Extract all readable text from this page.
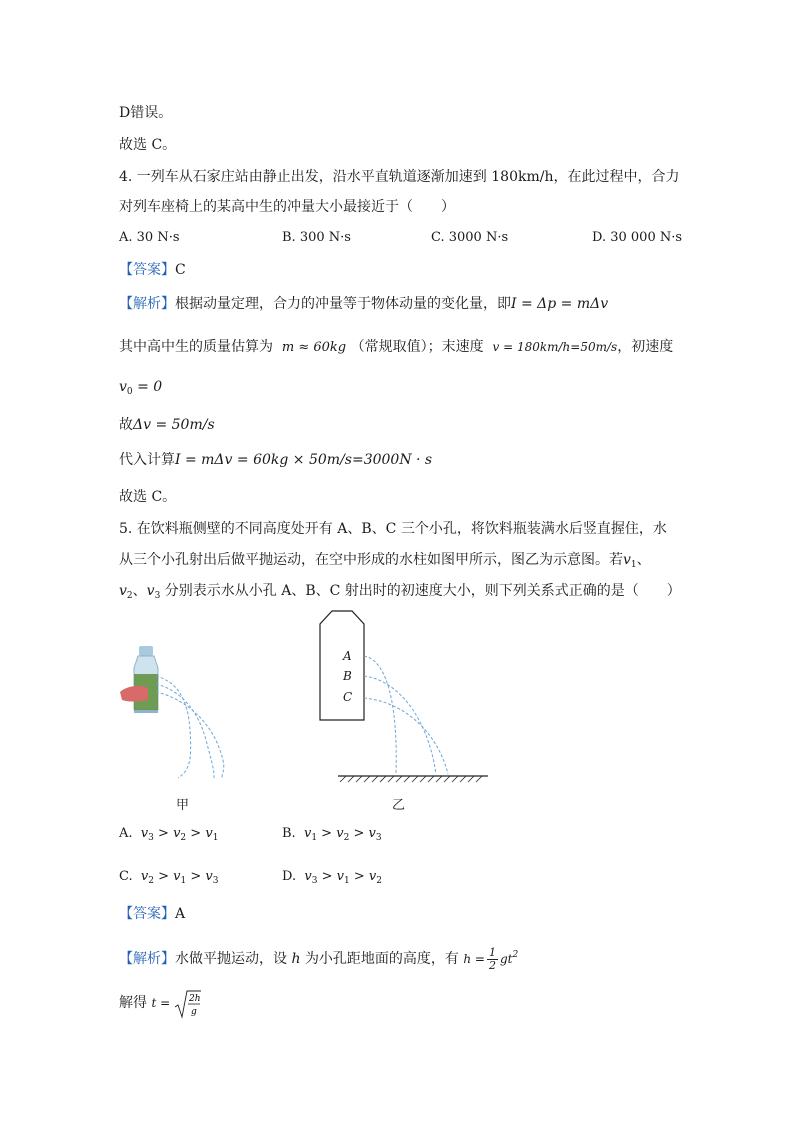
D错误。
故选 C。
4. 一列车从石家庄站由静止出发，沿水平直轨道逐渐加速到 180km/h，在此过程中，合力
对列车座椅上的某高中生的冲量大小最接近于（　　）
A. 30 N·s	B. 300 N·s	C. 3000 N·s	D. 30 000 N·s
【答案】C
【解析】根据动量定理，合力的冲量等于物体动量的变化量，即I = Δp = mΔv
其中高中生的质量估算为 m ≈ 60kg （常规取值）；末速度 v = 180km/h=50m/s，初速度
$v_0 = 0$
故Δv = 50m/s
代入计算I = mΔv = 60kg × 50m/s=3000N · s
故选 C。
5. 在饮料瓶侧壁的不同高度处开有 A、B、C 三个小孔，将饮料瓶装满水后竖直握住，水
从三个小孔射出后做平抛运动，在空中形成的水柱如图甲所示，图乙为示意图。若$v_1$、
$v_2$、$v_3$ 分别表示水从小孔 A、B、C 射出时的初速度大小，则下列关系式正确的是（　　）
甲
A
B
C
乙
A. $v_3 > v_2 > v_1$	B. $v_1 > v_2 > v_3$
C. $v_2 > v_1 > v_3$	D. $v_3 > v_1 > v_2$
【答案】A
【解析】水做平抛运动，设 h 为小孔距地面的高度，有 $h = \frac{1}{2} gt^2$
解得 t = 2h
g
